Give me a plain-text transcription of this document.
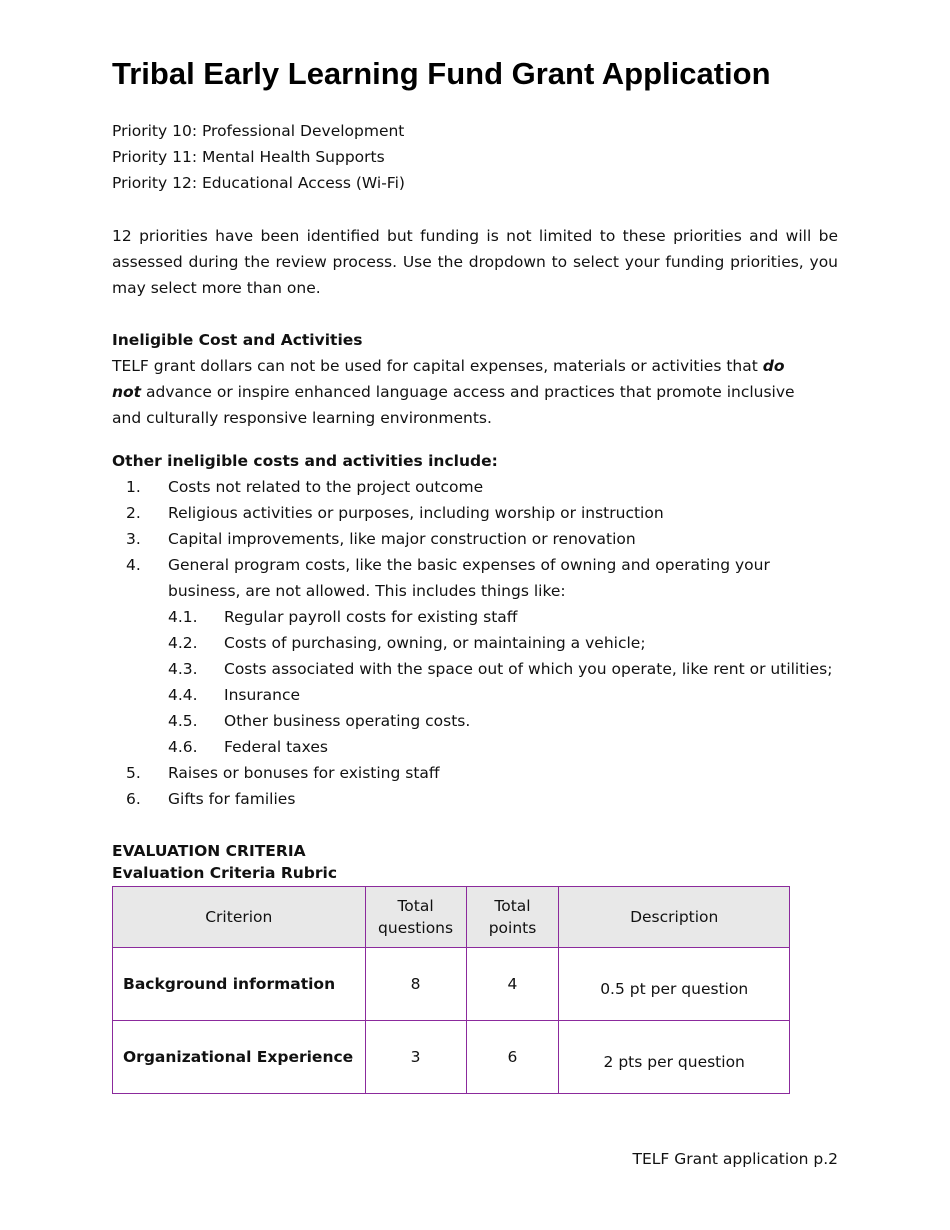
Tribal Early Learning Fund Grant Application
Priority 10: Professional Development
Priority 11: Mental Health Supports
Priority 12: Educational Access (Wi-Fi)
12 priorities have been identified but funding is not limited to these priorities and will be assessed during the review process. Use the dropdown to select your funding priorities, you may select more than one.
Ineligible Cost and Activities
TELF grant dollars can not be used for capital expenses, materials or activities that do not advance or inspire enhanced language access and practices that promote inclusive and culturally responsive learning environments.
Other ineligible costs and activities include:
1. Costs not related to the project outcome
2. Religious activities or purposes, including worship or instruction
3. Capital improvements, like major construction or renovation
4. General program costs, like the basic expenses of owning and operating your business, are not allowed. This includes things like:
4.1. Regular payroll costs for existing staff
4.2. Costs of purchasing, owning, or maintaining a vehicle;
4.3. Costs associated with the space out of which you operate, like rent or utilities;
4.4. Insurance
4.5. Other business operating costs.
4.6. Federal taxes
5. Raises or bonuses for existing staff
6. Gifts for families
EVALUATION CRITERIA
Evaluation Criteria Rubric
Criterion	Total questions	Total points	Description
Background information	8	4	0.5 pt per question
Organizational Experience	3	6	2 pts per question
TELF Grant application p.2
